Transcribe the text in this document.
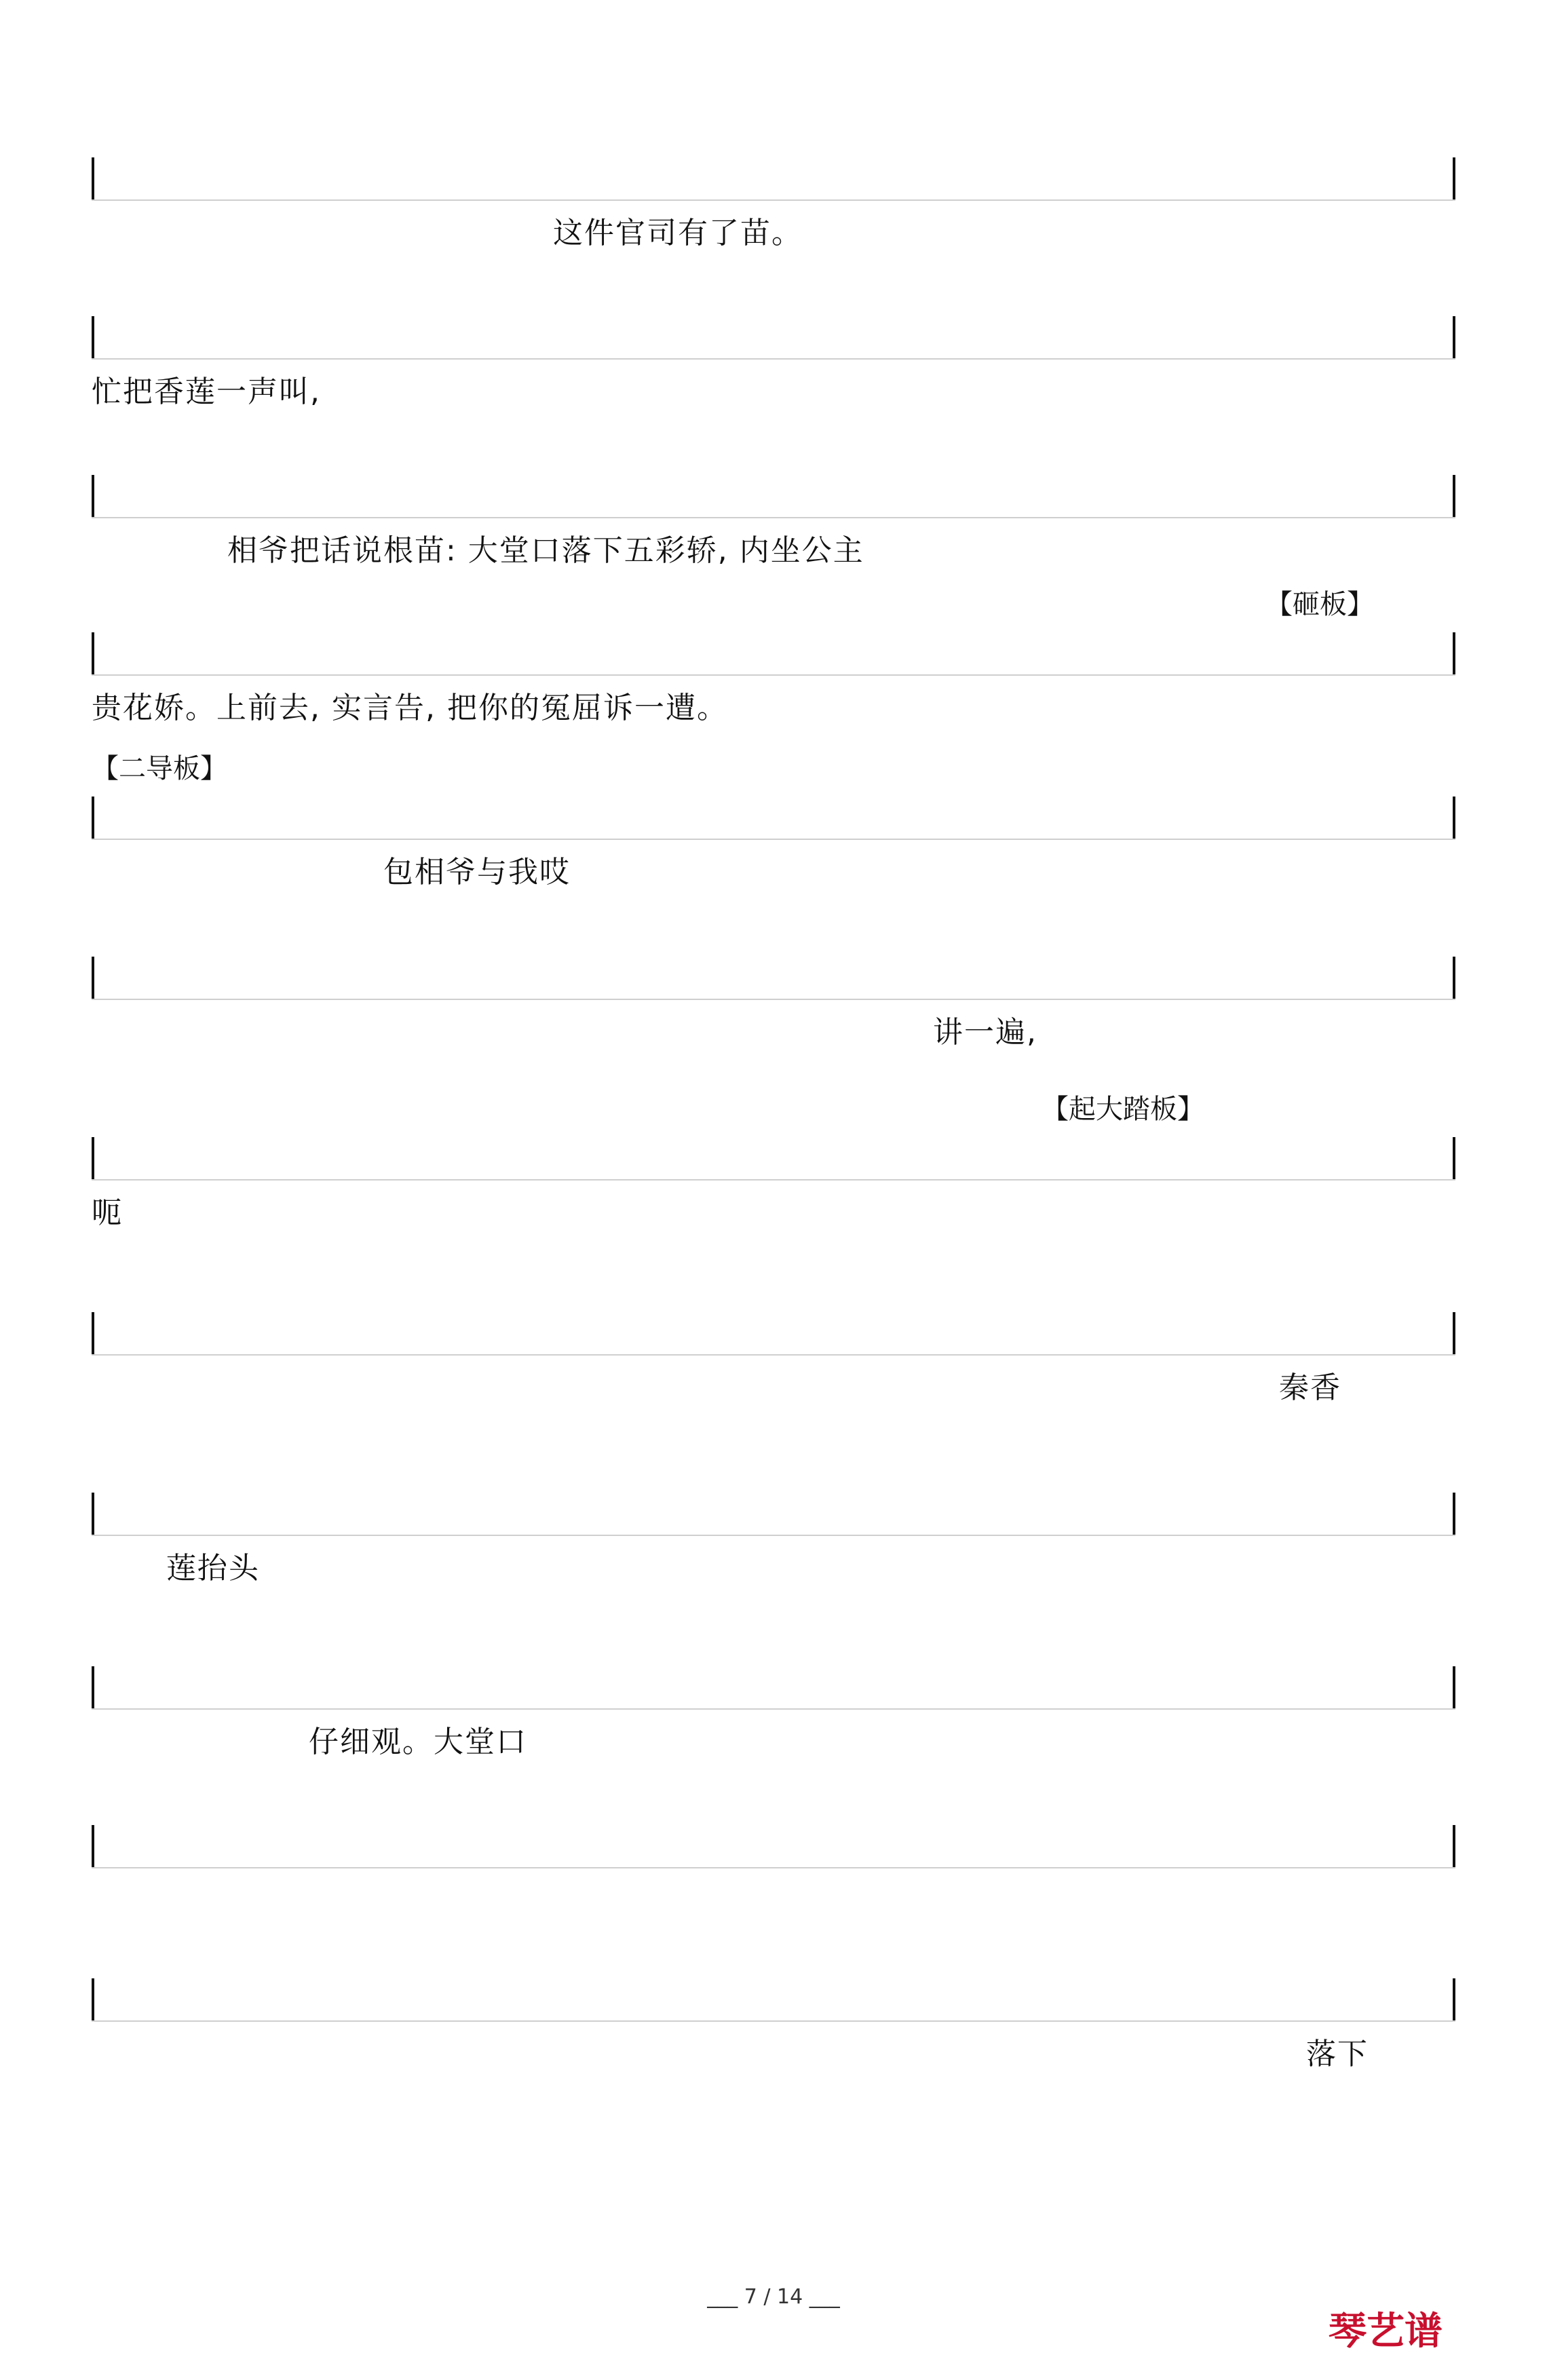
这件官司有了苗。
忙把香莲一声叫,
相爷把话说根苗: 大堂口落下五彩轿, 内坐公主
【砸板】
贵花娇。上前去, 实言告, 把你的冤屈诉一遭。
【二导板】
包相爷与我哎
讲一遍,
【起大踏板】
呃
秦香
莲抬头
仔细观。大堂口
落下
___ 7 / 14 ___
琴艺谱
